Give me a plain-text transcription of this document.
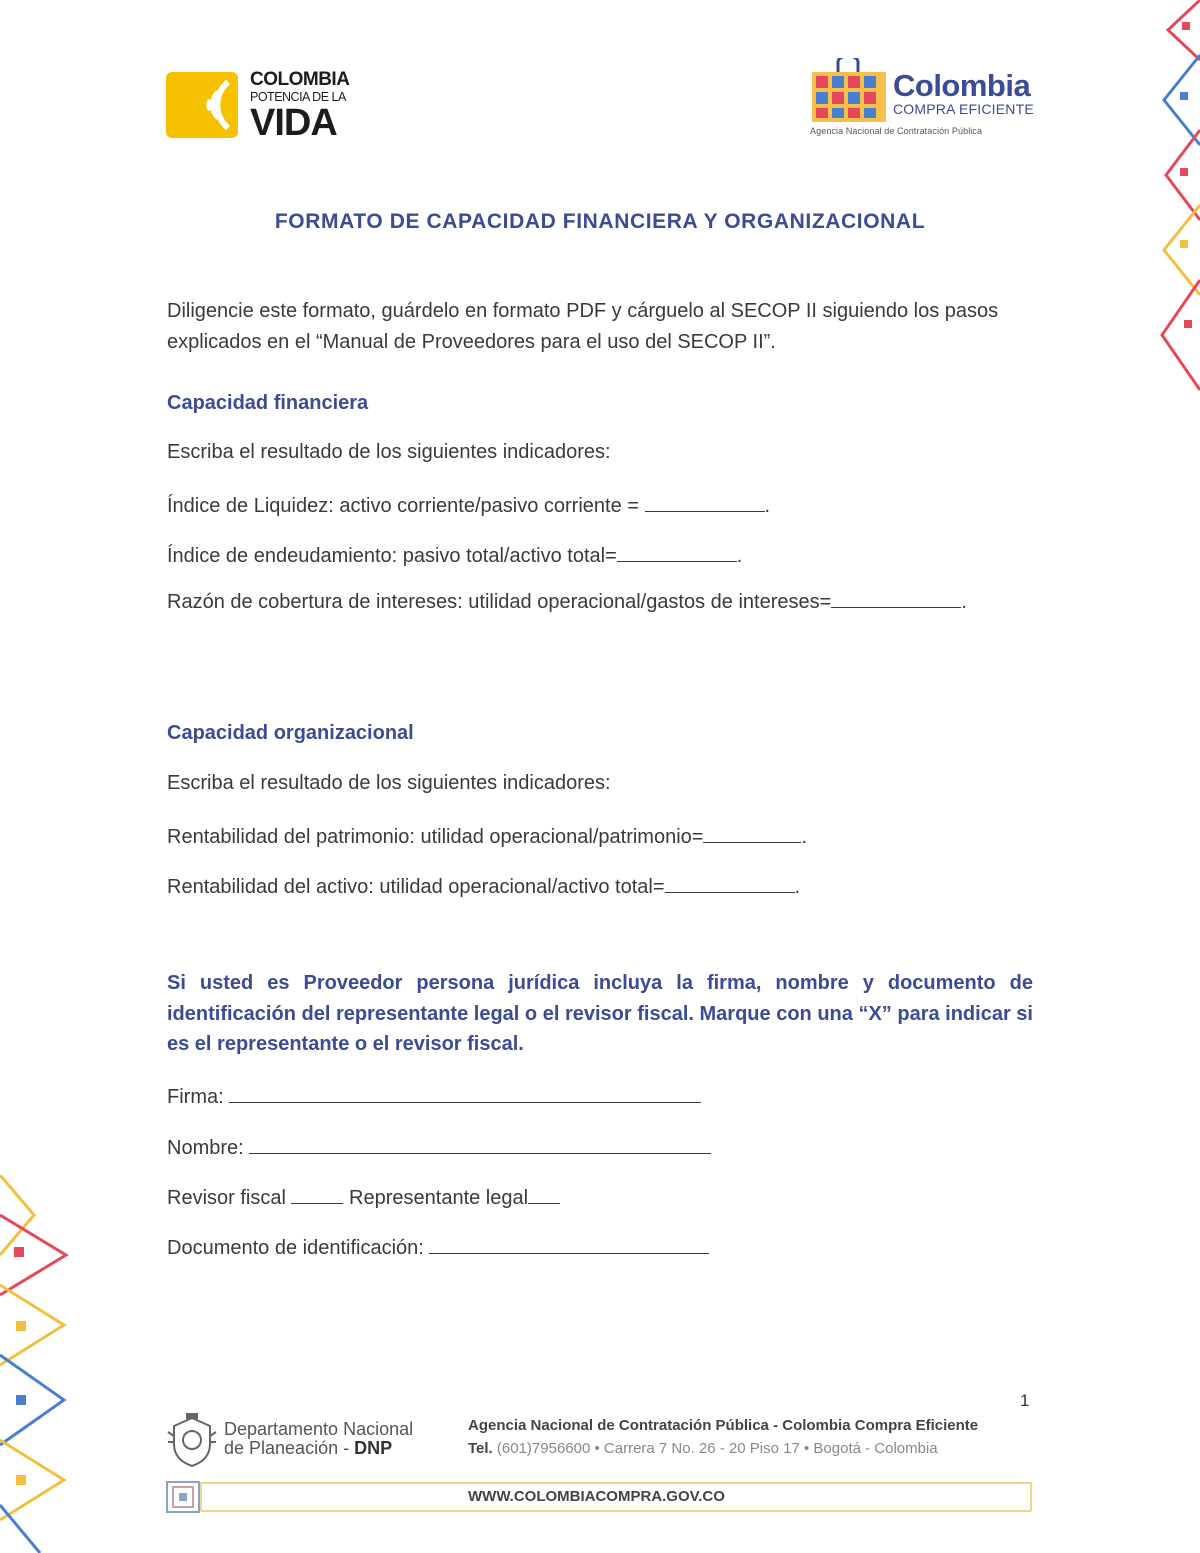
COLOMBIA
POTENCIA DE LA
VIDA
Colombia
COMPRA EFICIENTE
Agencia Nacional de Contratación Pública
FORMATO DE CAPACIDAD FINANCIERA Y ORGANIZACIONAL
Diligencie este formato, guárdelo en formato PDF y cárguelo al SECOP II siguiendo los pasos explicados en el “Manual de Proveedores para el uso del SECOP II”.
Capacidad financiera
Escriba el resultado de los siguientes indicadores:
Índice de Liquidez: activo corriente/pasivo corriente =	.
Índice de endeudamiento: pasivo total/activo total=	.
Razón de cobertura de intereses: utilidad operacional/gastos de intereses=	.
Capacidad organizacional
Escriba el resultado de los siguientes indicadores:
Rentabilidad del patrimonio: utilidad operacional/patrimonio=	.
Rentabilidad del activo: utilidad operacional/activo total=	.
Si usted es Proveedor persona jurídica incluya la firma, nombre y documento de identificación del representante legal o el revisor fiscal. Marque con una “X” para indicar si es el representante o el revisor fiscal.
Firma:
Nombre:
Revisor fiscal	Representante legal
Documento de identificación:
1
Departamento Nacional
de Planeación - DNP
Agencia Nacional de Contratación Pública - Colombia Compra Eficiente
Tel. (601)7956600 • Carrera 7 No. 26 - 20 Piso 17 • Bogotá - Colombia
WWW.COLOMBIACOMPRA.GOV.CO
